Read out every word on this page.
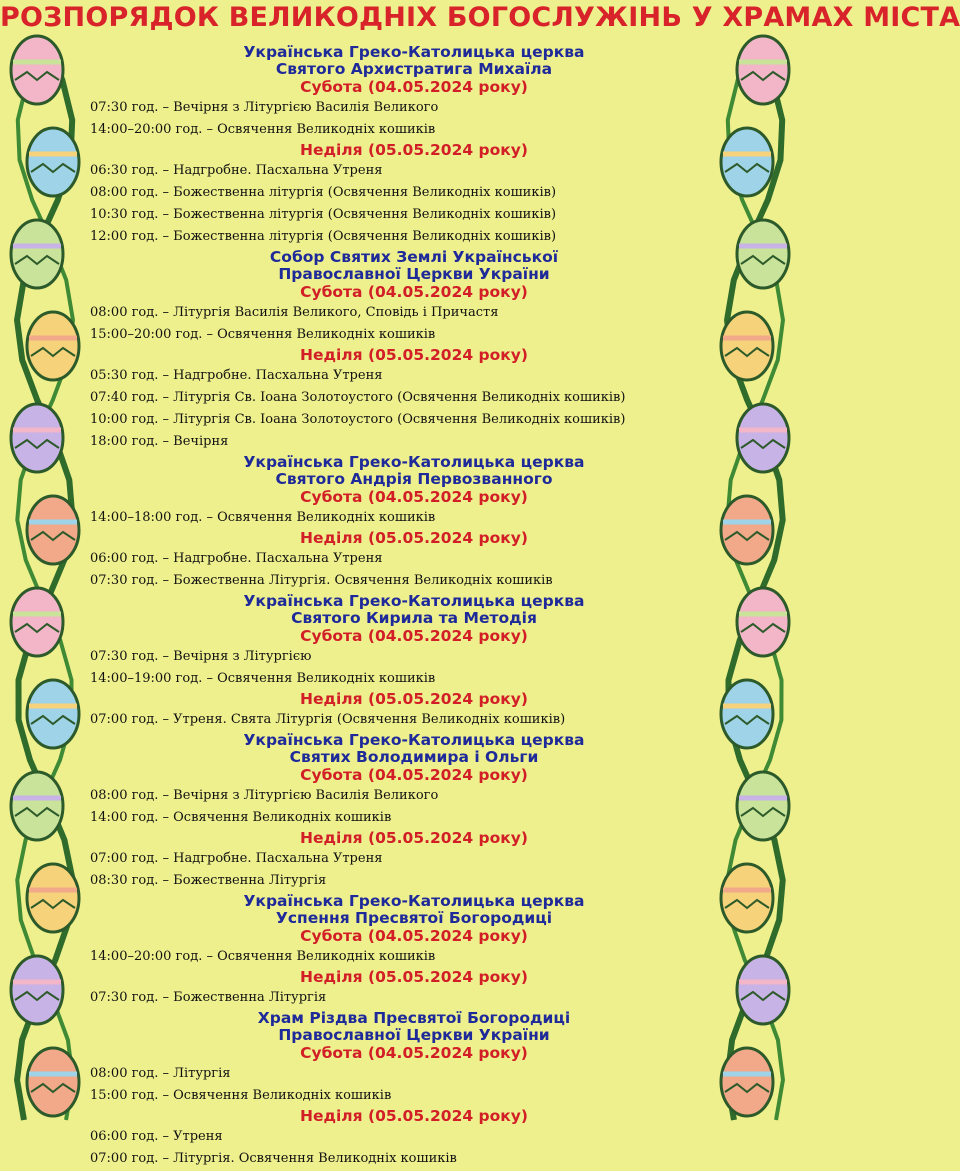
РОЗПОРЯДОК ВЕЛИКОДНІХ БОГОСЛУЖІНЬ У ХРАМАХ МІСТА
Українська Греко-Католицька церква
Святого Архистратига Михаїла
Субота (04.05.2024 року)
07:30 год. – Вечірня з Літургією Василія Великого
14:00–20:00 год. – Освячення Великодніх кошиків
Неділя (05.05.2024 року)
06:30 год. – Надгробне. Пасхальна Утреня
08:00 год. – Божественна літургія (Освячення Великодніх кошиків)
10:30 год. – Божественна літургія (Освячення Великодніх кошиків)
12:00 год. – Божественна літургія (Освячення Великодніх кошиків)
Собор Святих Землі Української
Православної Церкви України
Субота (04.05.2024 року)
08:00 год. – Літургія Василія Великого, Сповідь і Причастя
15:00–20:00 год. – Освячення Великодніх кошиків
Неділя (05.05.2024 року)
05:30 год. – Надгробне. Пасхальна Утреня
07:40 год. – Літургія Св. Іоана Золотоустого (Освячення Великодніх кошиків)
10:00 год. – Літургія Св. Іоана Золотоустого (Освячення Великодніх кошиків)
18:00 год. – Вечірня
Українська Греко-Католицька церква
Святого Андрія Первозванного
Субота (04.05.2024 року)
14:00–18:00 год. – Освячення Великодніх кошиків
Неділя (05.05.2024 року)
06:00 год. – Надгробне. Пасхальна Утреня
07:30 год. – Божественна Літургія. Освячення Великодніх кошиків
Українська Греко-Католицька церква
Святого Кирила та Методія
Субота (04.05.2024 року)
07:30 год. – Вечірня з Літургією
14:00–19:00 год. – Освячення Великодніх кошиків
Неділя (05.05.2024 року)
07:00 год. – Утреня. Свята Літургія (Освячення Великодніх кошиків)
Українська Греко-Католицька церква
Святих Володимира і Ольги
Субота (04.05.2024 року)
08:00 год. – Вечірня з Літургією Василія Великого
14:00 год. – Освячення Великодніх кошиків
Неділя (05.05.2024 року)
07:00 год. – Надгробне. Пасхальна Утреня
08:30 год. – Божественна Літургія
Українська Греко-Католицька церква
Успення Пресвятої Богородиці
Субота (04.05.2024 року)
14:00–20:00 год. – Освячення Великодніх кошиків
Неділя (05.05.2024 року)
07:30 год. – Божественна Літургія
Храм Різдва Пресвятої Богородиці
Православної Церкви України
Субота (04.05.2024 року)
08:00 год. – Літургія
15:00 год. – Освячення Великодніх кошиків
Неділя (05.05.2024 року)
06:00 год. – Утреня
07:00 год. – Літургія. Освячення Великодніх кошиків
